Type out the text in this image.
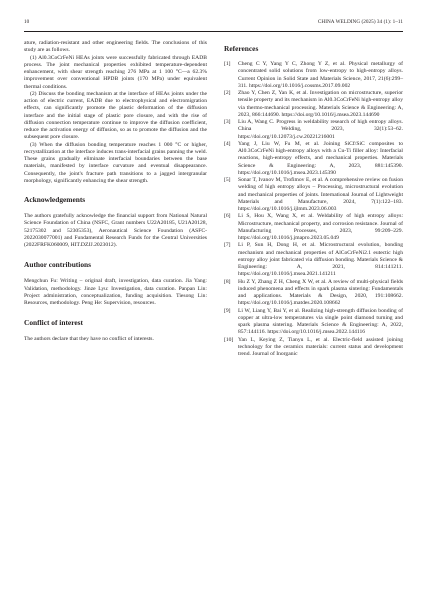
10	CHINA WELDING (2025) 34 (1): 1–11

ature, radiation-resistant and other engineering fields. The conclusions of this study are as follows.

(1) Al0.3CoCrFeNi HEAs joints were successfully fabricated through EADB process. The joint mechanical properties exhibited temperature-dependent enhancement, with shear strength reaching 276 MPa at 1 100 °C—a 62.3% improvement over conventional HPDB joints (170 MPa) under equivalent thermal conditions.

(2) Discuss the bonding mechanism at the interface of HEAs joints under the action of electric current, EADB due to electrophysical and electromigration effects, can significantly promote the plastic deformation of the diffusion interface and the initial stage of plastic pore closure, and with the rise of diffusion connection temperature continue to improve the diffusion coefficient, reduce the activation energy of diffusion, so as to promote the diffusion and the subsequent pore closure.

(3) When the diffusion bonding temperature reaches 1 000 °C or higher, recrystallization at the interface induces trans-interfacial grains panning the weld. These grains gradually eliminate interfacial boundaries between the base materials, manifested by interface curvature and eventual disappearance. Consequently, the joint's fracture path transitions to a jagged intergranular morphology, significantly enhancing the shear strength.

Acknowledgements

The authors gratefully acknowledge the financial support from National Natural Science Foundation of China (NSFC, Grant numbers U22A20185, U21A20128, 52175302 and 52305353), Aeronautical Science Foundation (ASFC-2022030077001) and Fundamental Research Funds for the Central Universities (2022FRFK060009, HIT.DZJJ.2023012).

Author contributions

Mengchun Fu: Writing – original draft, investigation, data curation. Jia Yang: Validation, methodology. Jinze Lyu: Investigation, data curation. Panpan Lin: Project administration, conceptualization, funding acquisition. Tiesong Lin: Resources, methodology. Peng He: Supervision, resources.

Conflict of interest

The authors declare that they have no conflict of interests.

References

[1] Cheng C Y, Yang Y C, Zhong Y Z, et al. Physical metallurgy of concentrated solid solutions from low-entropy to high-entropy alloys. Current Opinion in Solid State and Materials Science, 2017, 21(6):299–311. https://doi.org/10.1016/j.cossms.2017.09.002

[2] Zhao Y, Chen Z, Yan K, et al. Investigation on microstructure, superior tensile property and its mechanism in Al0.3CoCrFeNi high-entropy alloy via thermo-mechanical processing. Materials Science & Engineering: A, 2023, 866:144690. https://doi.org/10.1016/j.msea.2023.144690

[3] Liu A, Wang C. Progress in weldability research of high entropy alloys. China Welding, 2023, 32(1):53–62. https://doi.org/10.12073/j.cw.20221216001

[4] Yang J, Liu W, Fu M, et al. Joining SiCf/SiC composites to Al0.3CoCrFeNi high-entropy alloys with a Cu-Ti filler alloy: Interfacial reactions, high-entropy effects, and mechanical properties. Materials Science & Engineering: A, 2023, 881:145390. https://doi.org/10.1016/j.msea.2023.145390

[5] Sonar T, Ivanov M, Trofimov E, et al. A comprehensive review on fusion welding of high entropy alloys – Processing, microstructural evolution and mechanical properties of joints. International Journal of Lightweight Materials and Manufacture, 2024, 7(1):122–183. https://doi.org/10.1016/j.ijlmm.2023.06.003

[6] Li S, Hou X, Wang X, et al. Weldability of high entropy alloys: Microstructure, mechanical property, and corrosion resistance. Journal of Manufacturing Processes, 2023, 99:209–229. https://doi.org/10.1016/j.jmapro.2023.05.049

[7] Li P, Sun H, Dong H, et al. Microstructural evolution, bonding mechanism and mechanical properties of AlCoCrFeNi2.1 eutectic high entropy alloy joint fabricated via diffusion bonding. Materials Science & Engineering: A, 2021, 814:141211. https://doi.org/10.1016/j.msea.2021.141211

[8] Hu Z Y, Zhang Z H, Cheng X W, et al. A review of multi-physical fields induced phenomena and effects in spark plasma sintering: Fundamentals and applications. Materials & Design, 2020, 191:108662. https://doi.org/10.1016/j.matdes.2020.108662

[9] Li W, Liang Y, Bai Y, et al. Realizing high-strength diffusion bonding of copper at ultra-low temperatures via single point diamond turning and spark plasma sintering. Materials Science & Engineering: A, 2022, 857:144116. https://doi.org/10.1016/j.msea.2022.144116

[10] Yan L, Keying Z, Tianyu L, et al. Electric-field assisted joining technology for the ceramics materials: current status and development trend. Journal of Inorganic
